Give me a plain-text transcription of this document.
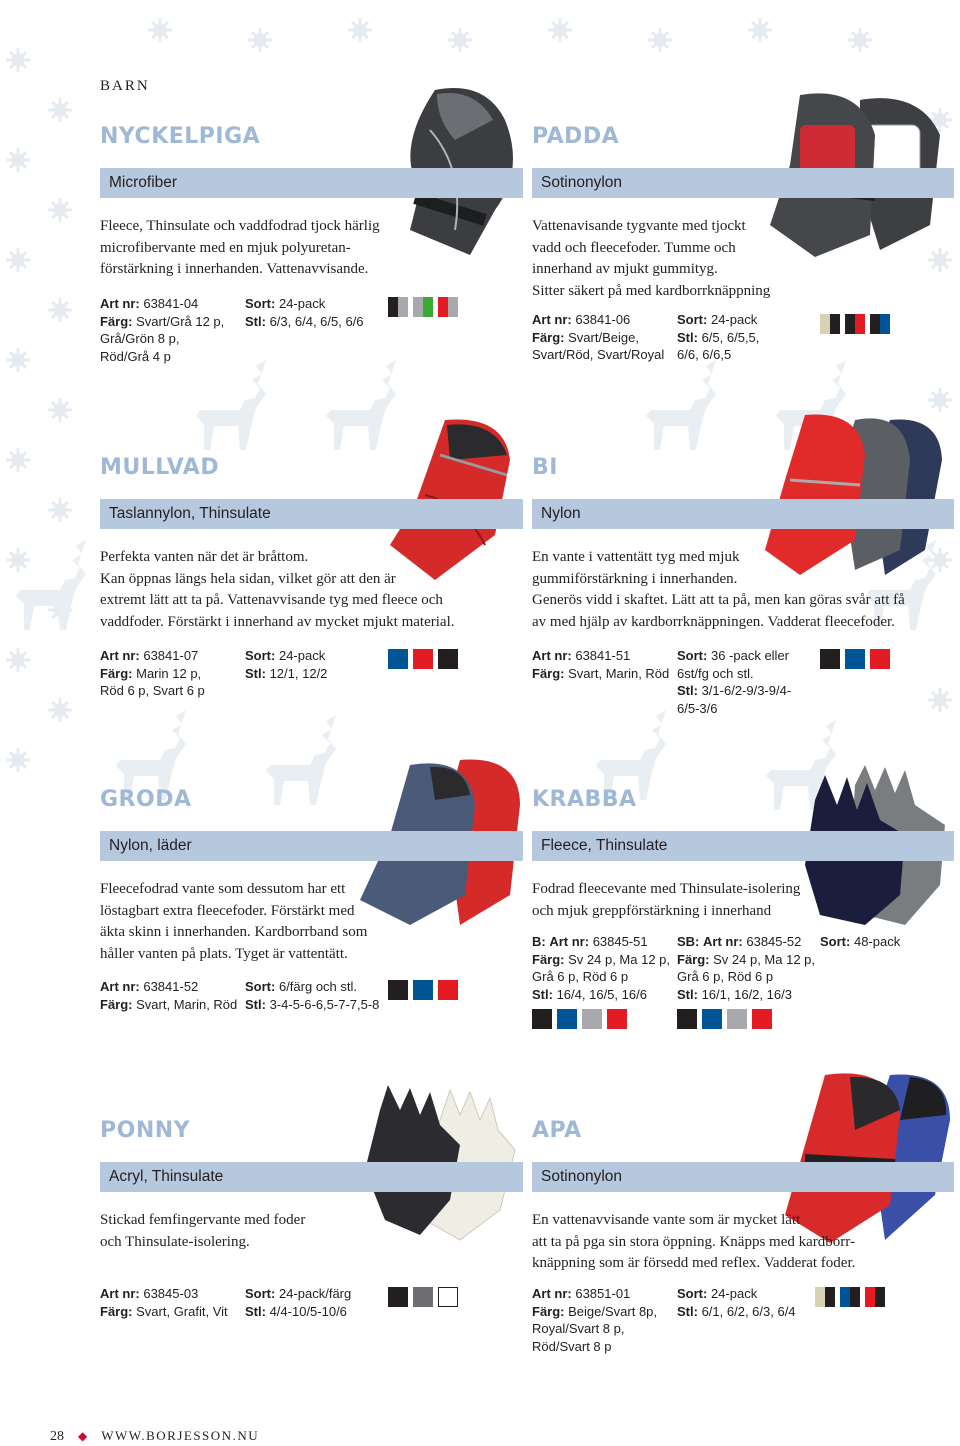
BARN
NYCKELPIGA
Microfiber
Fleece, Thinsulate och vaddfodrad tjock härlig
microfibervante med en mjuk polyuretan-
förstärkning i innerhanden. Vattenavvisande.
Art nr: 63841-04
Färg: Svart/Grå 12 p,
Grå/Grön 8 p,
Röd/Grå 4 p
Sort: 24-pack
Stl: 6/3, 6/4, 6/5, 6/6
PADDA
Sotinonylon
Vattenavisande tygvante med tjockt
vadd och fleecefoder. Tumme och
innerhand av mjukt gummityg.
Sitter säkert på med kardborrknäppning
Art nr: 63841-06
Färg: Svart/Beige,
Svart/Röd, Svart/Royal
Sort: 24-pack
Stl: 6/5, 6/5,5,
6/6, 6/6,5
MULLVAD
Taslannylon, Thinsulate
Perfekta vanten när det är bråttom.
Kan öppnas längs hela sidan, vilket gör att den är
extremt lätt att ta på. Vattenavvisande tyg med fleece och
vaddfoder. Förstärkt i innerhand av mycket mjukt material.
Art nr: 63841-07
Färg: Marin 12 p,
Röd 6 p, Svart 6 p
Sort: 24-pack
Stl: 12/1, 12/2
BI
Nylon
En vante i vattentätt tyg med mjuk
gummiförstärkning i innerhanden.
Generös vidd i skaftet. Lätt att ta på, men kan göras svår att få
av med hjälp av kardborrknäppningen. Vadderat fleecefoder.
Art nr: 63841-51
Färg: Svart, Marin, Röd
Sort: 36 -pack eller
6st/fg och stl.
Stl: 3/1-6/2-9/3-9/4-
6/5-3/6
GRODA
Nylon, läder
Fleecefodrad vante som dessutom har ett
löstagbart extra fleecefoder. Förstärkt med
äkta skinn i innerhanden. Kardborrband som
håller vanten på plats. Tyget är vattentätt.
Art nr: 63841-52
Färg: Svart, Marin, Röd
Sort: 6/färg och stl.
Stl: 3-4-5-6-6,5-7-7,5-8
KRABBA
Fleece, Thinsulate
Fodrad fleecevante med Thinsulate-isolering
och mjuk greppförstärkning i innerhand
B: Art nr: 63845-51
Färg: Sv 24 p, Ma 12 p,
Grå 6 p, Röd 6 p
Stl: 16/4, 16/5, 16/6
SB: Art nr: 63845-52
Färg: Sv 24 p, Ma 12 p,
Grå 6 p, Röd 6 p
Stl: 16/1, 16/2, 16/3
Sort: 48-pack
PONNY
Acryl, Thinsulate
Stickad femfingervante med foder
och Thinsulate-isolering.
Art nr: 63845-03
Färg: Svart, Grafit, Vit
Sort: 24-pack/färg
Stl: 4/4-10/5-10/6
APA
Sotinonylon
En vattenavvisande vante som är mycket lätt
att ta på pga sin stora öppning. Knäpps med kardborr-
knäppning som är försedd med reflex. Vadderat foder.
Art nr: 63851-01
Färg: Beige/Svart 8p,
Royal/Svart 8 p,
Röd/Svart 8 p
Sort: 24-pack
Stl: 6/1, 6/2, 6/3, 6/4
28 ◆ WWW.BORJESSON.NU
